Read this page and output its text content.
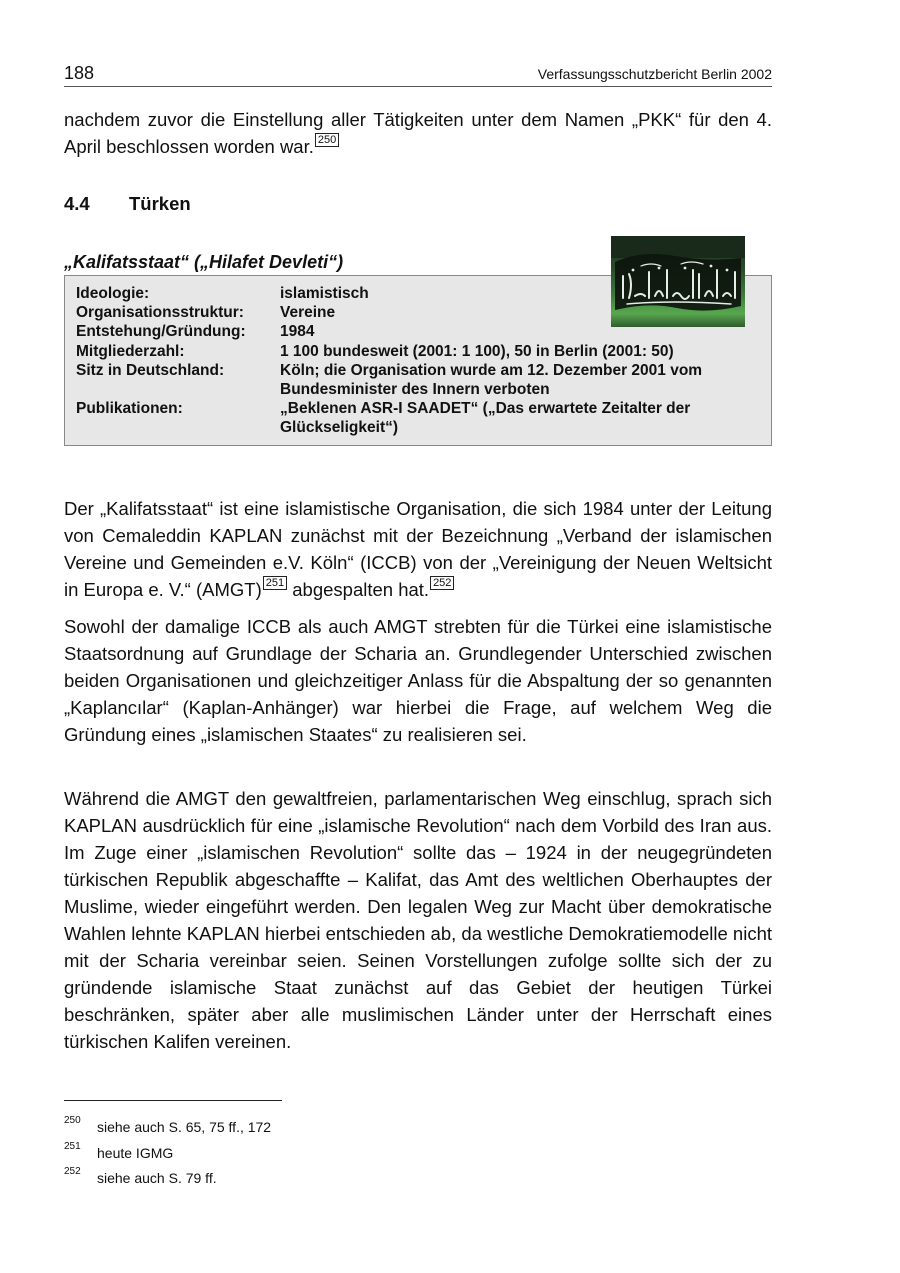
188	Verfassungsschutzbericht Berlin 2002

nachdem zuvor die Einstellung aller Tätigkeiten unter dem Namen „PKK“ für den 4. April beschlossen worden war. 250

4.4 Türken
„Kalifatsstaat“ („Hilafet Devleti“)
Ideologie:	islamistisch
Organisationsstruktur:	Vereine
Entstehung/Gründung:	1984
Mitgliederzahl:	1 100 bundesweit (2001: 1 100), 50 in Berlin (2001: 50)
Sitz in Deutschland:	Köln; die Organisation wurde am 12. Dezember 2001 vom Bundesminister des Innern verboten
Publikationen:	„Beklenen ASR-I SAADET“ („Das erwartete Zeitalter der Glückseligkeit“)

Der „Kalifatsstaat“ ist eine islamistische Organisation, die sich 1984 unter der Leitung von Cemaleddin KAPLAN zunächst mit der Bezeichnung „Verband der islamischen Vereine und Gemeinden e.V. Köln“ (ICCB) von der „Vereinigung der Neuen Weltsicht in Europa e. V.“ (AMGT) 251 abgespalten hat. 252

Sowohl der damalige ICCB als auch AMGT strebten für die Türkei eine islamistische Staatsordnung auf Grundlage der Scharia an. Grundlegender Unterschied zwischen beiden Organisationen und gleichzeitiger Anlass für die Abspaltung der so genannten „Kaplancılar“ (Kaplan-Anhänger) war hierbei die Frage, auf welchem Weg die Gründung eines „islamischen Staates“ zu realisieren sei.

Während die AMGT den gewaltfreien, parlamentarischen Weg einschlug, sprach sich KAPLAN ausdrücklich für eine „islamische Revolution“ nach dem Vorbild des Iran aus. Im Zuge einer „islamischen Revolution“ sollte das – 1924 in der neugegründeten türkischen Republik abgeschaffte – Kalifat, das Amt des weltlichen Oberhauptes der Muslime, wieder eingeführt werden. Den legalen Weg zur Macht über demokratische Wahlen lehnte KAPLAN hierbei entschieden ab, da westliche Demokratiemodelle nicht mit der Scharia vereinbar seien. Seinen Vorstellungen zufolge sollte sich der zu gründende islamische Staat zunächst auf das Gebiet der heutigen Türkei beschränken, später aber alle muslimischen Länder unter der Herrschaft eines türkischen Kalifen vereinen.

250 siehe auch S. 65, 75 ff., 172
251 heute IGMG
252 siehe auch S. 79 ff.
